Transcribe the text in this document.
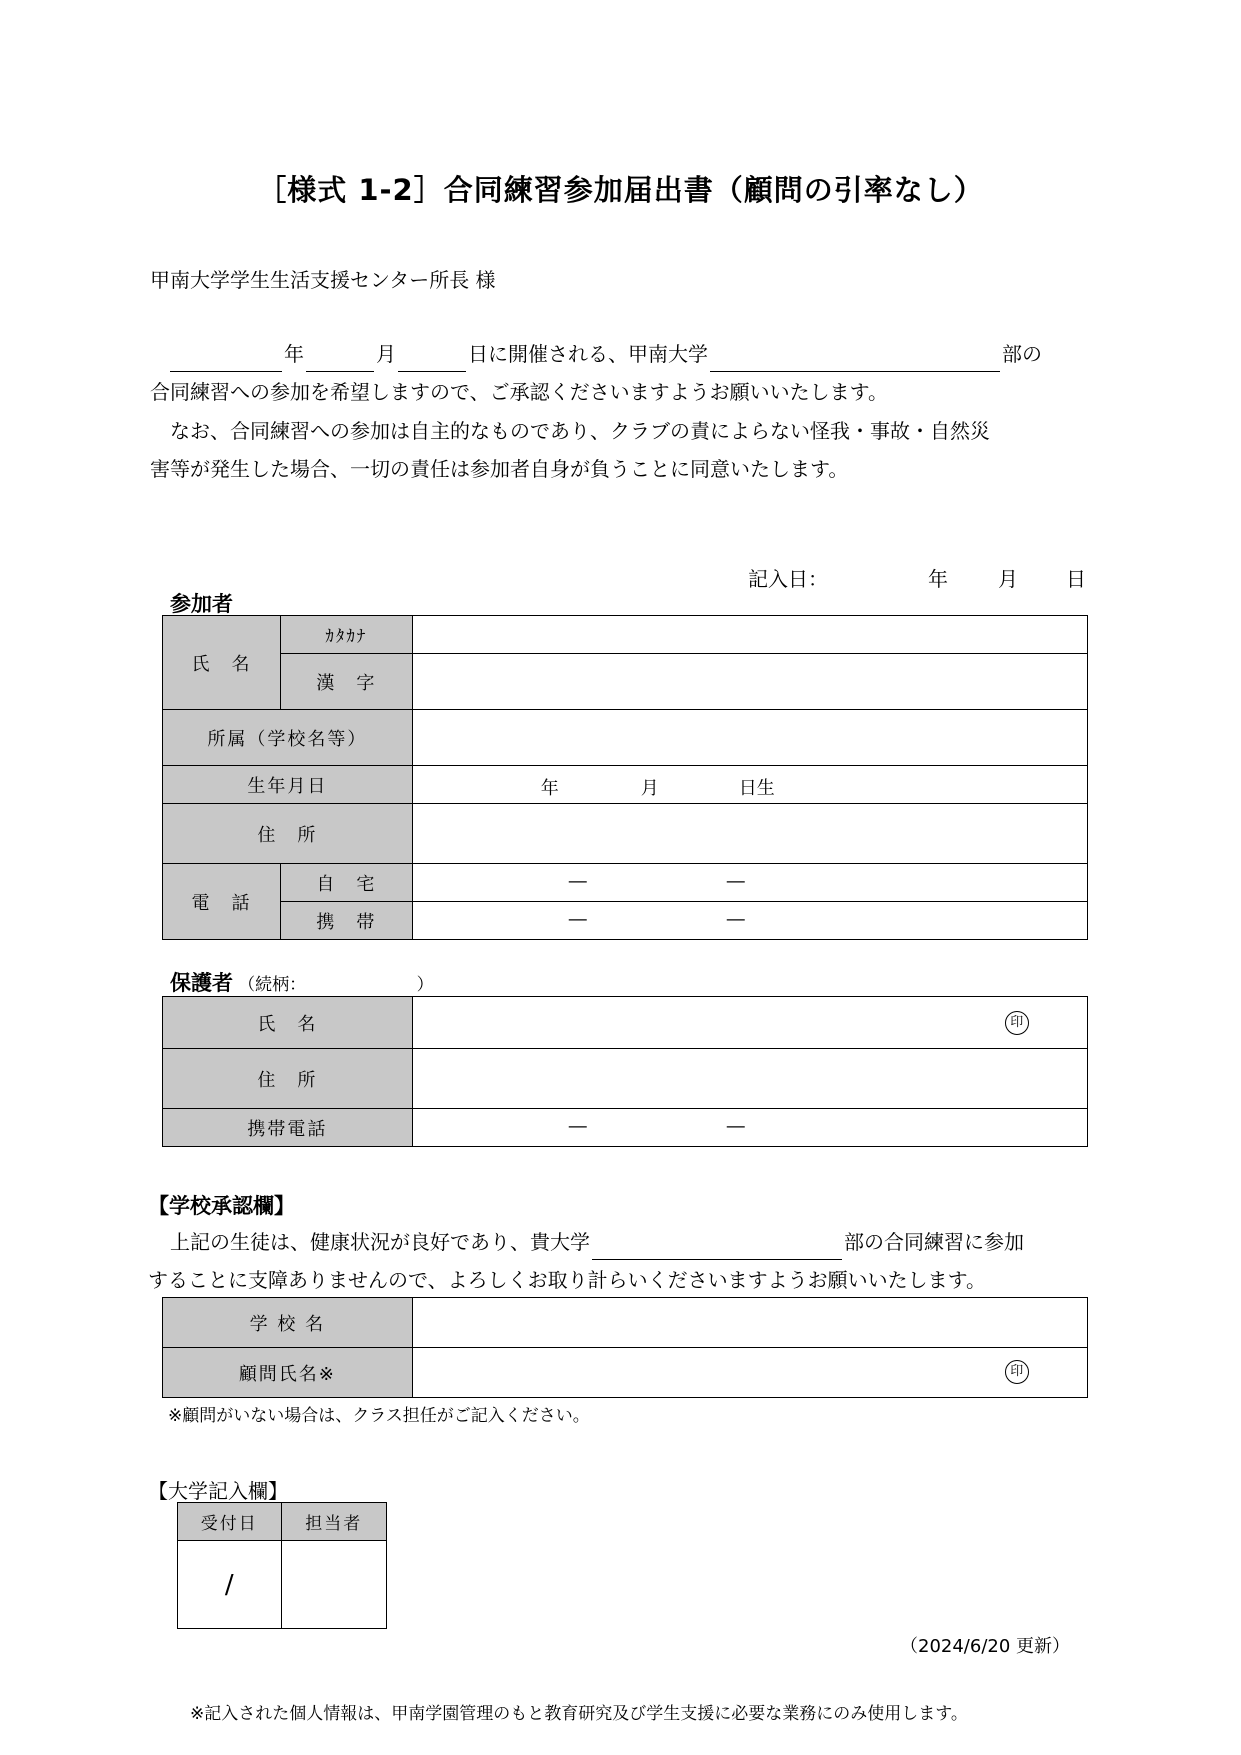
［様式 1-2］合同練習参加届出書（顧問の引率なし）
甲南大学学生生活支援センター所長 様
年	月	日に開催される、甲南大学	部の
合同練習への参加を希望しますので、ご承認くださいますようお願いいたします。
なお、合同練習への参加は自主的なものであり、クラブの責によらない怪我・事故・自然災
害等が発生した場合、一切の責任は参加者自身が負うことに同意いたします。
記入日：	年	月 日
参加者
氏　名	ｶﾀｶﾅ	
	漢　字	
所属（学校名等）		
生年月日		年 月 日生

住　所		
電　話	自　宅	― ―

	携　帯	― ―
保護者 （続柄：　　　　　　　）
氏　名	印

住　所	
携帯電話	― ―
【学校承認欄】
上記の生徒は、健康状況が良好であり、貴大学	部の合同練習に参加
することに支障ありませんので、よろしくお取り計らいくださいますようお願いいたします。
学 校 名	
顧問氏名※	印
※顧問がいない場合は、クラス担任がご記入ください。
【大学記入欄】
受付日	担当者
/	
（2024/6/20 更新）
※記入された個人情報は、甲南学園管理のもと教育研究及び学生支援に必要な業務にのみ使用します。
